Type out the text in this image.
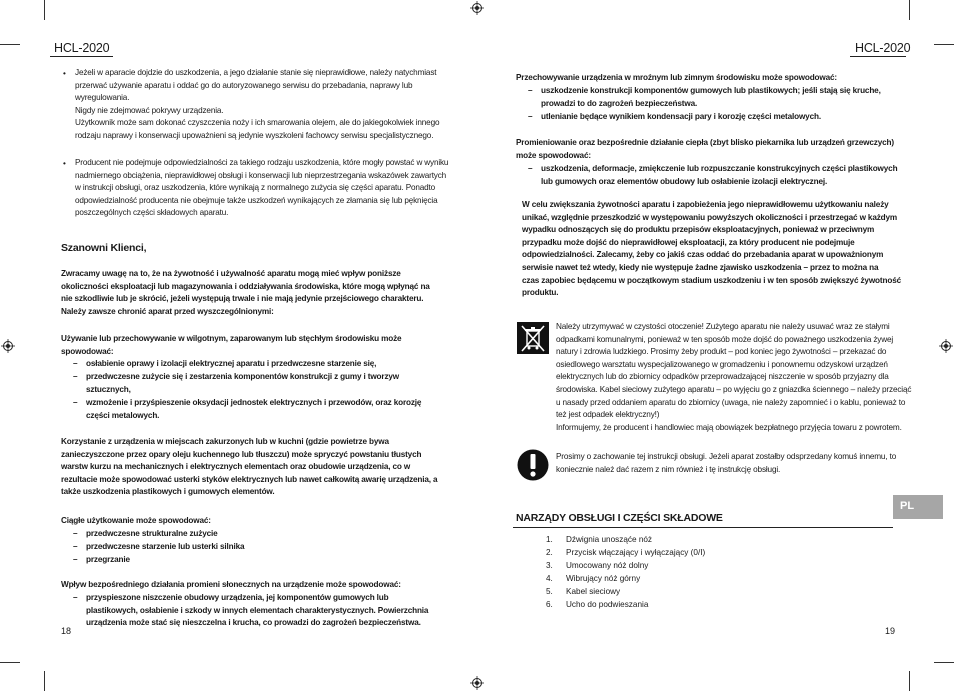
HCL-2020
• Jeżeli w aparacie dojdzie do uszkodzenia, a jego działanie stanie się nieprawidłowe, należy natychmiast
przerwać używanie aparatu i oddać go do autoryzowanego serwisu do przebadania, naprawy lub
wyregulowania.
Nigdy nie zdejmować pokrywy urządzenia.
Użytkownik może sam dokonać czyszczenia noży i ich smarowania olejem, ale do jakiegokolwiek innego
rodzaju naprawy i konserwacji upoważnieni są jedynie wyszkoleni fachowcy serwisu specjalistycznego.
• Producent nie podejmuje odpowiedzialności za takiego rodzaju uszkodzenia, które mogły powstać w wyniku
nadmiernego obciążenia, nieprawidłowej obsługi i konserwacji lub nieprzestrzegania wskazówek zawartych
w instrukcji obsługi, oraz uszkodzenia, które wynikają z normalnego zużycia się części aparatu. Ponadto
odpowiedzialność producenta nie obejmuje także uszkodzeń wynikających ze złamania się lub pęknięcia
poszczególnych części składowych aparatu.
Szanowni Klienci,
Zwracamy uwagę na to, że na żywotność i używalność aparatu mogą mieć wpływ poniższe
okoliczności eksploatacji lub magazynowania i oddziaływania środowiska, które mogą wpłynąć na
nie szkodliwie lub je skrócić, jeżeli występują trwale i nie mają jedynie przejściowego charakteru.
Należy zawsze chronić aparat przed wyszczególnionymi:
Używanie lub przechowywanie w wilgotnym, zaparowanym lub stęchłym środowisku może
spowodować:
– osłabienie oprawy i izolacji elektrycznej aparatu i przedwczesne starzenie się,
– przedwczesne zużycie się i zestarzenia komponentów konstrukcji z gumy i tworzyw
sztucznych,
– wzmożenie i przyśpieszenie oksydacji jednostek elektrycznych i przewodów, oraz korozję
części metalowych.
Korzystanie z urządzenia w miejscach zakurzonych lub w kuchni (gdzie powietrze bywa
zanieczyszczone przez opary oleju kuchennego lub tłuszczu) może spryczyć powstaniu tłustych
warstw kurzu na mechanicznych i elektrycznych elementach oraz obudowie urządzenia, co w
rezultacie może spowodować usterki styków elektrycznych lub nawet całkowitą awarię urządzenia, a
także uszkodzenia plastikowych i gumowych elementów.
Ciągłe użytkowanie może spowodować:
– przedwczesne strukturalne zużycie
– przedwczesne starzenie lub usterki silnika
– przegrzanie
Wpływ bezpośredniego działania promieni słonecznych na urządzenie może spowodować:
– przyspieszone niszczenie obudowy urządzenia, jej komponentów gumowych lub
plastikowych, osłabienie i szkody w innych elementach charakterystycznych. Powierzchnia
urządzenia może stać się nieszczelna i krucha, co prowadzi do zagrożeń bezpieczeństwa.
18
HCL-2020
Przechowywanie urządzenia w mroźnym lub zimnym środowisku może spowodować:
– uszkodzenie konstrukcji komponentów gumowych lub plastikowych; jeśli stają się kruche,
prowadzi to do zagrożeń bezpieczeństwa.
– utlenianie będące wynikiem kondensacji pary i korozję części metalowych.
Promieniowanie oraz bezpośrednie działanie ciepła (zbyt blisko piekarnika lub urządzeń grzewczych)
może spowodować:
– uszkodzenia, deformacje, zmiękczenie lub rozpuszczanie konstrukcyjnych części plastikowych
lub gumowych oraz elementów obudowy lub osłabienie izolacji elektrycznej.
W celu zwiększania żywotności aparatu i zapobieżenia jego nieprawidłowemu użytkowaniu należy
unikać, względnie przeszkodzić w występowaniu powyższych okoliczności i przestrzegać w każdym
wypadku odnoszących się do produktu przepisów eksploatacyjnych, ponieważ w przeciwnym
przypadku może dojść do nieprawidłowej eksploatacji, za który producent nie podejmuje
odpowiedzialności. Zalecamy, żeby co jakiś czas oddać do przebadania aparat w upoważnionym
serwisie nawet też wtedy, kiedy nie występuje żadne zjawisko uszkodzenia – przez to można na
czas zapobiec będącemu w początkowym stadium uszkodzeniu i w ten sposób zwiększyć żywotność
produktu.
Należy utrzymywać w czystości otoczenie! Zużytego aparatu nie należy usuwać wraz ze stałymi
odpadkami komunalnymi, ponieważ w ten sposób może dojść do poważnego uszkodzenia żywej
natury i zdrowia ludzkiego. Prosimy żeby produkt – pod koniec jego żywotności – przekazać do
osiedlowego warsztatu wyspecjalizowanego w gromadzeniu i ponownemu odzyskowi urządzeń
elektrycznych lub do zbiornicy odpadków przeprowadzającej niszczenie w sposób przyjazny dla
środowiska. Kabel sieciowy zużytego aparatu – po wyjęciu go z gniazdka ściennego – należy przeciąć
u nasady przed oddaniem aparatu do zbiornicy (uwaga, nie należy zapomnieć i o kablu, ponieważ to
też jest odpadek elektryczny!)
Informujemy, że producent i handlowiec mają obowiązek bezpłatnego przyjęcia towaru z powrotem.
Prosimy o zachowanie tej instrukcji obsługi. Jeżeli aparat zostałby odsprzedany komuś innemu, to
koniecznie należ dać razem z nim również i tę instrukcję obsługi.
NARZĄDY OBSŁUGI I CZĘŚCI SKŁADOWE
1. Dźwignia unosząće nóż
2. Przycisk włączający i wyłączający (0/I)
3. Umocowany nóż dolny
4. Wibrujący nóż górny
5. Kabel sieciowy
6. Ucho do podwieszania
19
PL
